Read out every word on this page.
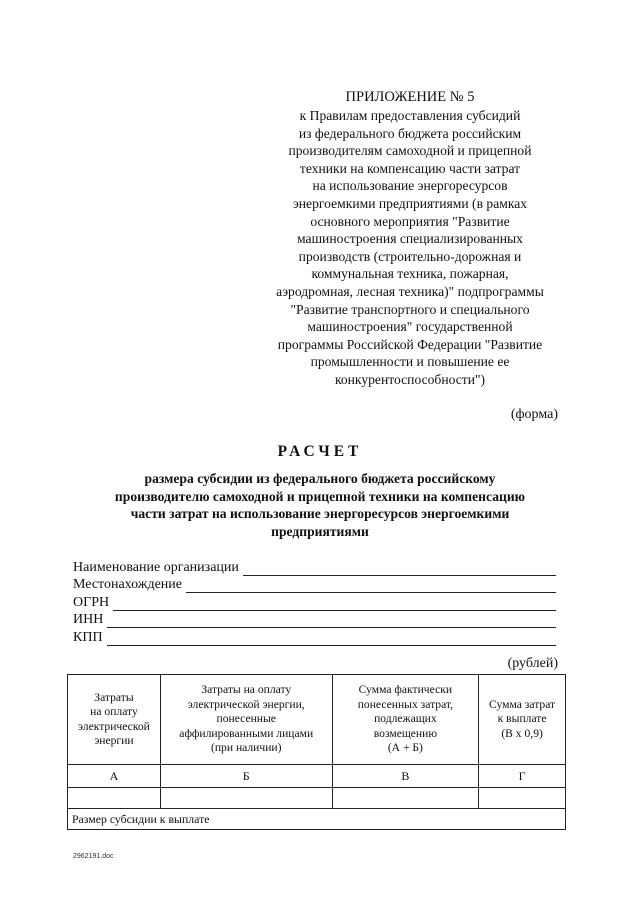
ПРИЛОЖЕНИЕ № 5
к Правилам предоставления субсидий
из федерального бюджета российским
производителям самоходной и прицепной
техники на компенсацию части затрат
на использование энергоресурсов
энергоемкими предприятиями (в рамках
основного мероприятия "Развитие
машиностроения специализированных
производств (строительно-дорожная и
коммунальная техника, пожарная,
аэродромная, лесная техника)" подпрограммы
"Развитие транспортного и специального
машиностроения" государственной
программы Российской Федерации "Развитие
промышленности и повышение ее
конкурентоспособности")
(форма)
РАСЧЕТ
размера субсидии из федерального бюджета российскому
производителю самоходной и прицепной техники на компенсацию
части затрат на использование энергоресурсов энергоемкими
предприятиями
Наименование организации
Местонахождение
ОГРН
ИНН
КПП
(рублей)
Затраты
на оплату
электрической
энергии	Затраты на оплату
электрической энергии,
понесенные
аффилированными лицами
(при наличии)	Сумма фактически
понесенных затрат,
подлежащих
возмещению
(А + Б)	Сумма затрат
к выплате
(В x 0,9)

А	Б	В	Г

Размер субсидии к выплате			
2962191.doc
